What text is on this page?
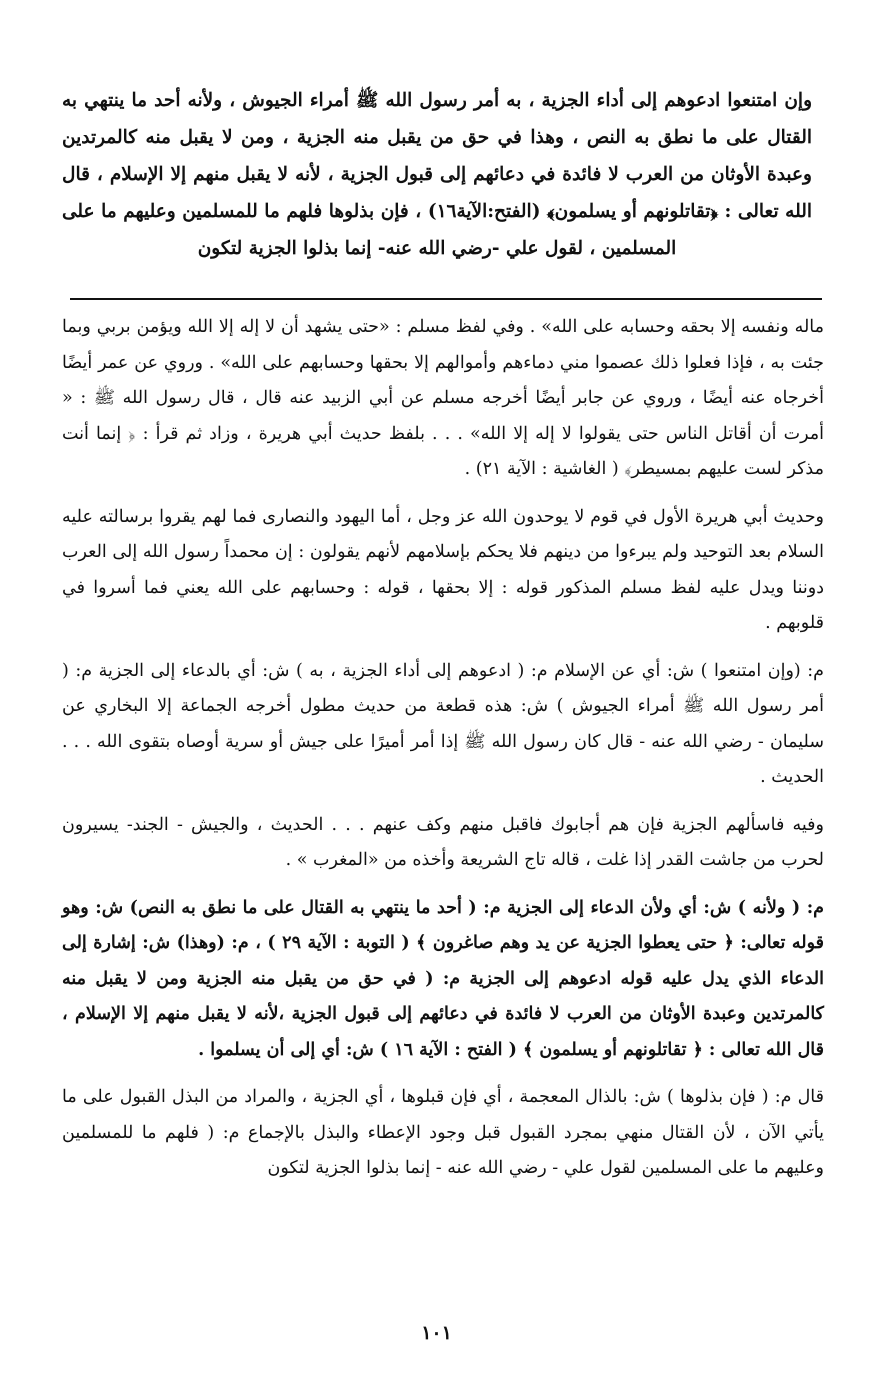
وإن امتنعوا ادعوهم إلى أداء الجزية ، به أمر رسول الله ﷺ أمراء الجيوش ، ولأنه أحد ما ينتهي به القتال على ما نطق به النص ، وهذا في حق من يقبل منه الجزية ، ومن لا يقبل منه كالمرتدين وعبدة الأوثان من العرب لا فائدة في دعائهم إلى قبول الجزية ، لأنه لا يقبل منهم إلا الإسلام ، قال الله تعالى : ﴿تقاتلونهم أو يسلمون﴾ (الفتح:الآية١٦) ، فإن بذلوها فلهم ما للمسلمين وعليهم ما على المسلمين ، لقول علي -رضي الله عنه- إنما بذلوا الجزية لتكون

ماله ونفسه إلا بحقه وحسابه على الله» . وفي لفظ مسلم : «حتى يشهد أن لا إله إلا الله ويؤمن بربي وبما جئت به ، فإذا فعلوا ذلك عصموا مني دماءهم وأموالهم إلا بحقها وحسابهم على الله» . وروي عن عمر أيضًا أخرجاه عنه أيضًا ، وروي عن جابر أيضًا أخرجه مسلم عن أبي الزبيد عنه قال ، قال رسول الله ﷺ : « أمرت أن أقاتل الناس حتى يقولوا لا إله إلا الله» . . . بلفظ حديث أبي هريرة ، وزاد ثم قرأ : ﴿ إنما أنت مذكر لست عليهم بمسيطر﴾ ( الغاشية : الآية ٢١) .

وحديث أبي هريرة الأول في قوم لا يوحدون الله عز وجل ، أما اليهود والنصارى فما لهم يقروا برسالته عليه السلام بعد التوحيد ولم يبرءوا من دينهم فلا يحكم بإسلامهم لأنهم يقولون : إن محمداً رسول الله إلى العرب دوننا ويدل عليه لفظ مسلم المذكور قوله : إلا بحقها ، قوله : وحسابهم على الله يعني فما أسروا في قلوبهم .

م: (وإن امتنعوا ) ش: أي عن الإسلام م: ( ادعوهم إلى أداء الجزية ، به ) ش: أي بالدعاء إلى الجزية م: ( أمر رسول الله ﷺ أمراء الجيوش ) ش: هذه قطعة من حديث مطول أخرجه الجماعة إلا البخاري عن سليمان - رضي الله عنه - قال كان رسول الله ﷺ إذا أمر أميرًا على جيش أو سرية أوصاه بتقوى الله . . . الحديث .

وفيه فاسألهم الجزية فإن هم أجابوك فاقبل منهم وكف عنهم . . . الحديث ، والجيش - الجند- يسيرون لحرب من جاشت القدر إذا غلت ، قاله تاج الشريعة وأخذه من «المغرب » .

م: ( ولأنه ) ش: أي ولأن الدعاء إلى الجزية م: ( أحد ما ينتهي به القتال على ما نطق به النص) ش: وهو قوله تعالى: ﴿ حتى يعطوا الجزية عن يد وهم صاغرون ﴾ ( التوبة : الآية ٢٩ ) ، م: (وهذا) ش: إشارة إلى الدعاء الذي يدل عليه قوله ادعوهم إلى الجزية م: ( في حق من يقبل منه الجزية ومن لا يقبل منه كالمرتدين وعبدة الأوثان من العرب لا فائدة في دعائهم إلى قبول الجزية ،لأنه لا يقبل منهم إلا الإسلام ، قال الله تعالى : ﴿ تقاتلونهم أو يسلمون ﴾ ( الفتح : الآية ١٦ ) ش: أي إلى أن يسلموا .

قال م: ( فإن بذلوها ) ش: بالذال المعجمة ، أي فإن قبلوها ، أي الجزية ، والمراد من البذل القبول على ما يأتي الآن ، لأن القتال منهي بمجرد القبول قبل وجود الإعطاء والبذل بالإجماع م: ( فلهم ما للمسلمين وعليهم ما على المسلمين لقول علي - رضي الله عنه - إنما بذلوا الجزية لتكون

١٠١
